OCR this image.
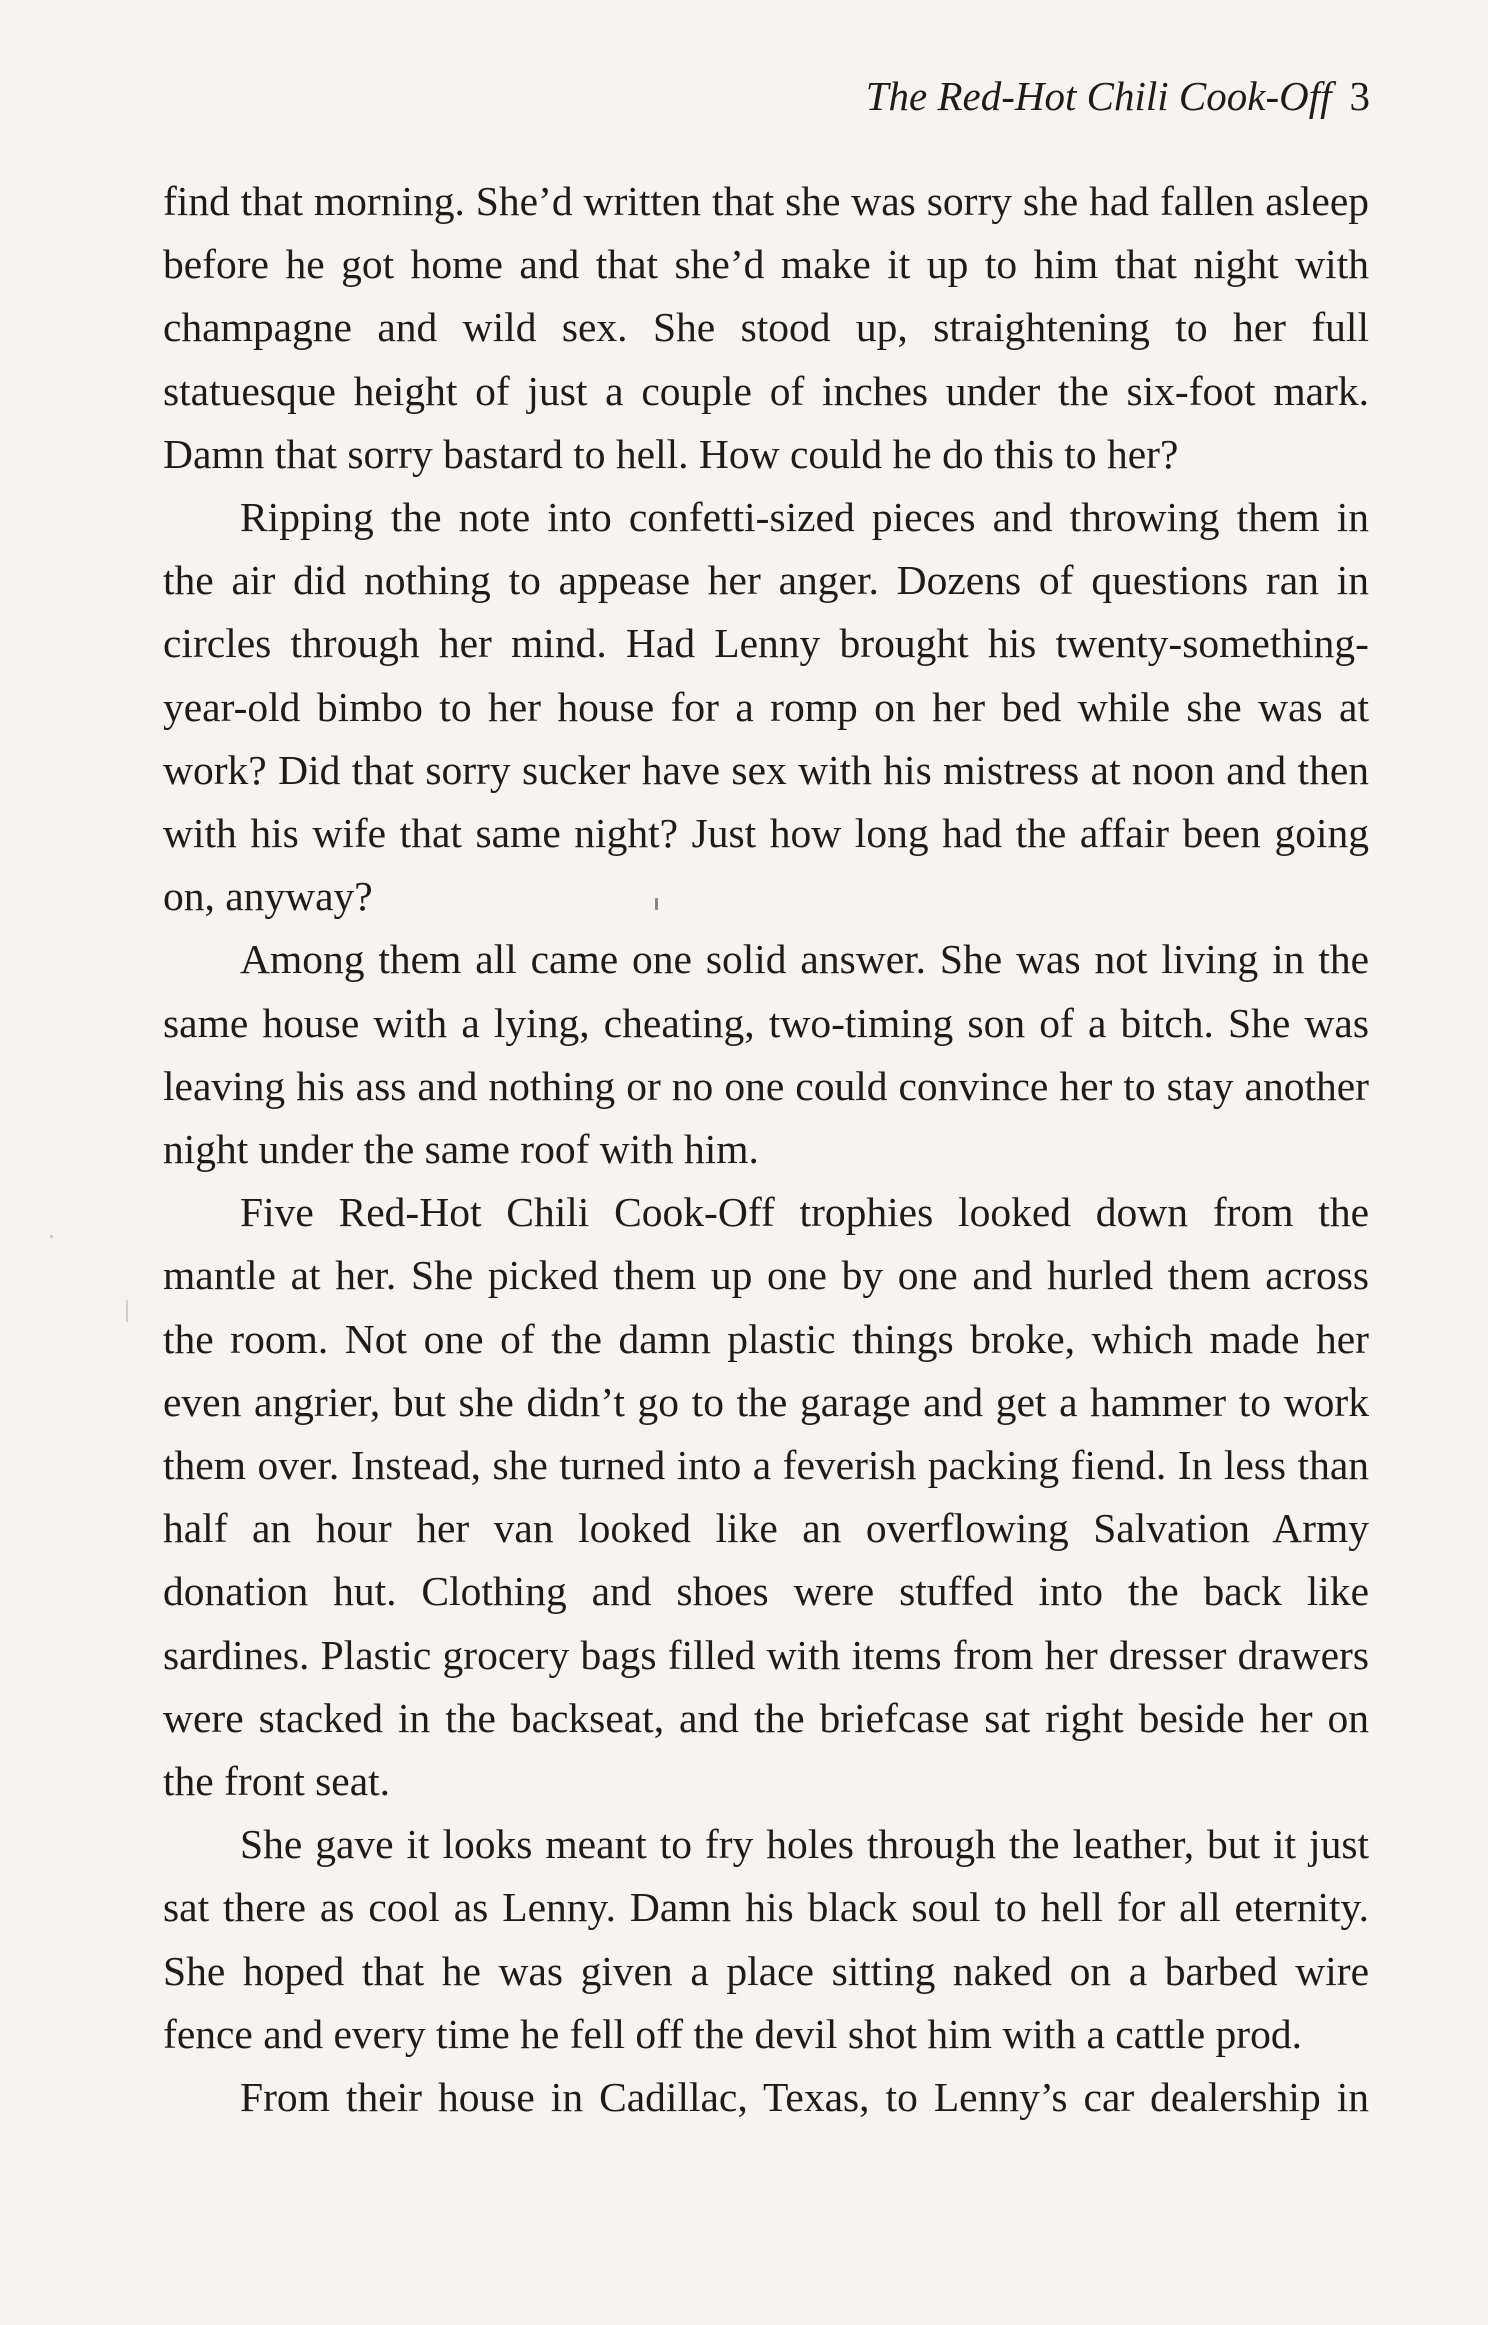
The Red-Hot Chili Cook-Off 3

find that morning. She’d written that she was sorry she had fallen asleep before he got home and that she’d make it up to him that night with champagne and wild sex. She stood up, straightening to her full statuesque height of just a couple of inches under the six-foot mark. Damn that sorry bastard to hell. How could he do this to her?

Ripping the note into confetti-sized pieces and throwing them in the air did nothing to appease her anger. Dozens of questions ran in circles through her mind. Had Lenny brought his twenty-something-year-old bimbo to her house for a romp on her bed while she was at work? Did that sorry sucker have sex with his mistress at noon and then with his wife that same night? Just how long had the affair been going on, anyway?

Among them all came one solid answer. She was not living in the same house with a lying, cheating, two-timing son of a bitch. She was leaving his ass and nothing or no one could convince her to stay another night under the same roof with him.

Five Red-Hot Chili Cook-Off trophies looked down from the mantle at her. She picked them up one by one and hurled them across the room. Not one of the damn plastic things broke, which made her even angrier, but she didn’t go to the garage and get a hammer to work them over. Instead, she turned into a feverish packing fiend. In less than half an hour her van looked like an overflowing Salvation Army donation hut. Clothing and shoes were stuffed into the back like sardines. Plastic grocery bags filled with items from her dresser drawers were stacked in the backseat, and the briefcase sat right beside her on the front seat.

She gave it looks meant to fry holes through the leather, but it just sat there as cool as Lenny. Damn his black soul to hell for all eternity. She hoped that he was given a place sitting naked on a barbed wire fence and every time he fell off the devil shot him with a cattle prod.

From their house in Cadillac, Texas, to Lenny’s car dealership in
